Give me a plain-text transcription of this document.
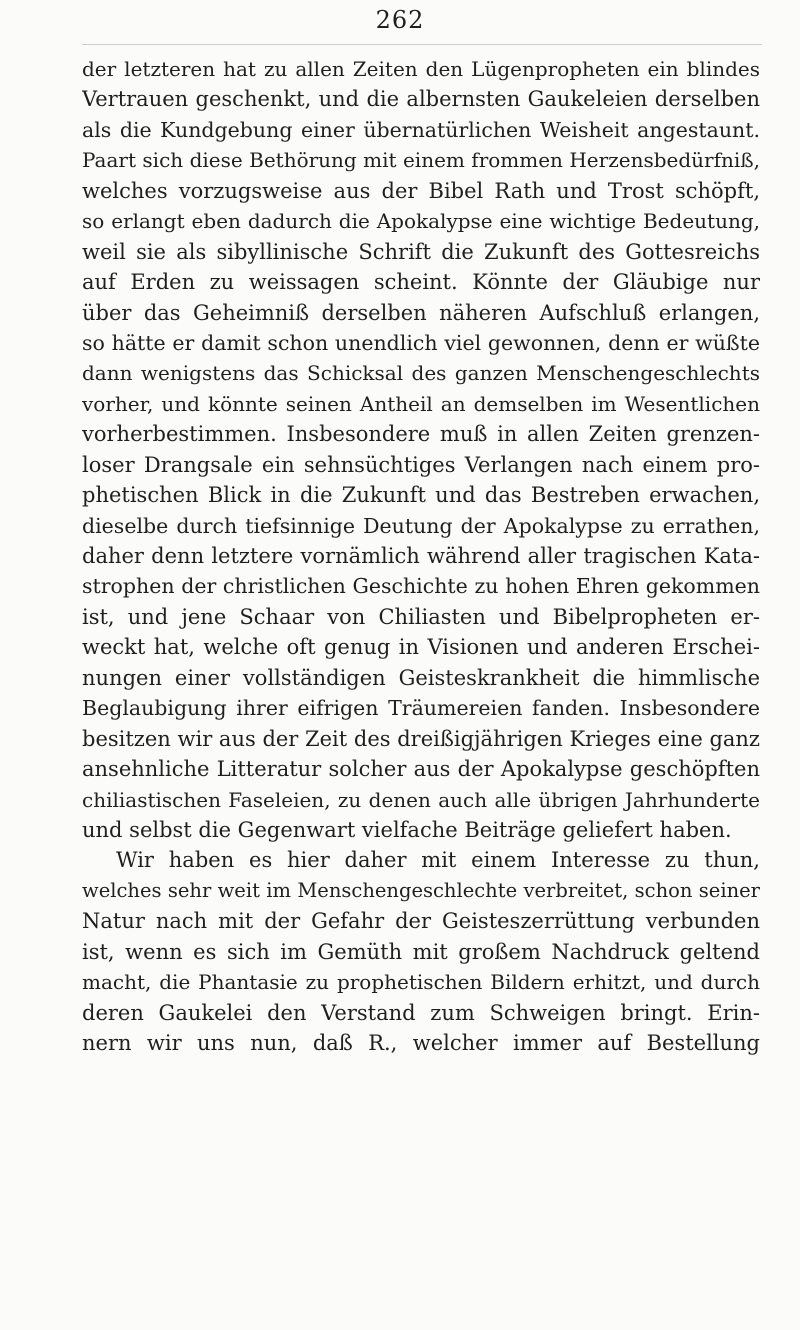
262
der letzteren hat zu allen Zeiten den Lügenpropheten ein blindes
Vertrauen geschenkt, und die albernsten Gaukeleien derselben
als die Kundgebung einer übernatürlichen Weisheit angestaunt.
Paart sich diese Bethörung mit einem frommen Herzensbedürfniß,
welches vorzugsweise aus der Bibel Rath und Trost schöpft,
so erlangt eben dadurch die Apokalypse eine wichtige Bedeutung,
weil sie als sibyllinische Schrift die Zukunft des Gottesreichs
auf Erden zu weissagen scheint. Könnte der Gläubige nur
über das Geheimniß derselben näheren Aufschluß erlangen,
so hätte er damit schon unendlich viel gewonnen, denn er wüßte
dann wenigstens das Schicksal des ganzen Menschengeschlechts
vorher, und könnte seinen Antheil an demselben im Wesentlichen
vorherbestimmen. Insbesondere muß in allen Zeiten grenzen-
loser Drangsale ein sehnsüchtiges Verlangen nach einem pro-
phetischen Blick in die Zukunft und das Bestreben erwachen,
dieselbe durch tiefsinnige Deutung der Apokalypse zu errathen,
daher denn letztere vornämlich während aller tragischen Kata-
strophen der christlichen Geschichte zu hohen Ehren gekommen
ist, und jene Schaar von Chiliasten und Bibelpropheten er-
weckt hat, welche oft genug in Visionen und anderen Erschei-
nungen einer vollständigen Geisteskrankheit die himmlische
Beglaubigung ihrer eifrigen Träumereien fanden. Insbesondere
besitzen wir aus der Zeit des dreißigjährigen Krieges eine ganz
ansehnliche Litteratur solcher aus der Apokalypse geschöpften
chiliastischen Faseleien, zu denen auch alle übrigen Jahrhunderte
und selbst die Gegenwart vielfache Beiträge geliefert haben.
Wir haben es hier daher mit einem Interesse zu thun,
welches sehr weit im Menschengeschlechte verbreitet, schon seiner
Natur nach mit der Gefahr der Geisteszerrüttung verbunden
ist, wenn es sich im Gemüth mit großem Nachdruck geltend
macht, die Phantasie zu prophetischen Bildern erhitzt, und durch
deren Gaukelei den Verstand zum Schweigen bringt. Erin-
nern wir uns nun, daß R., welcher immer auf Bestellung
